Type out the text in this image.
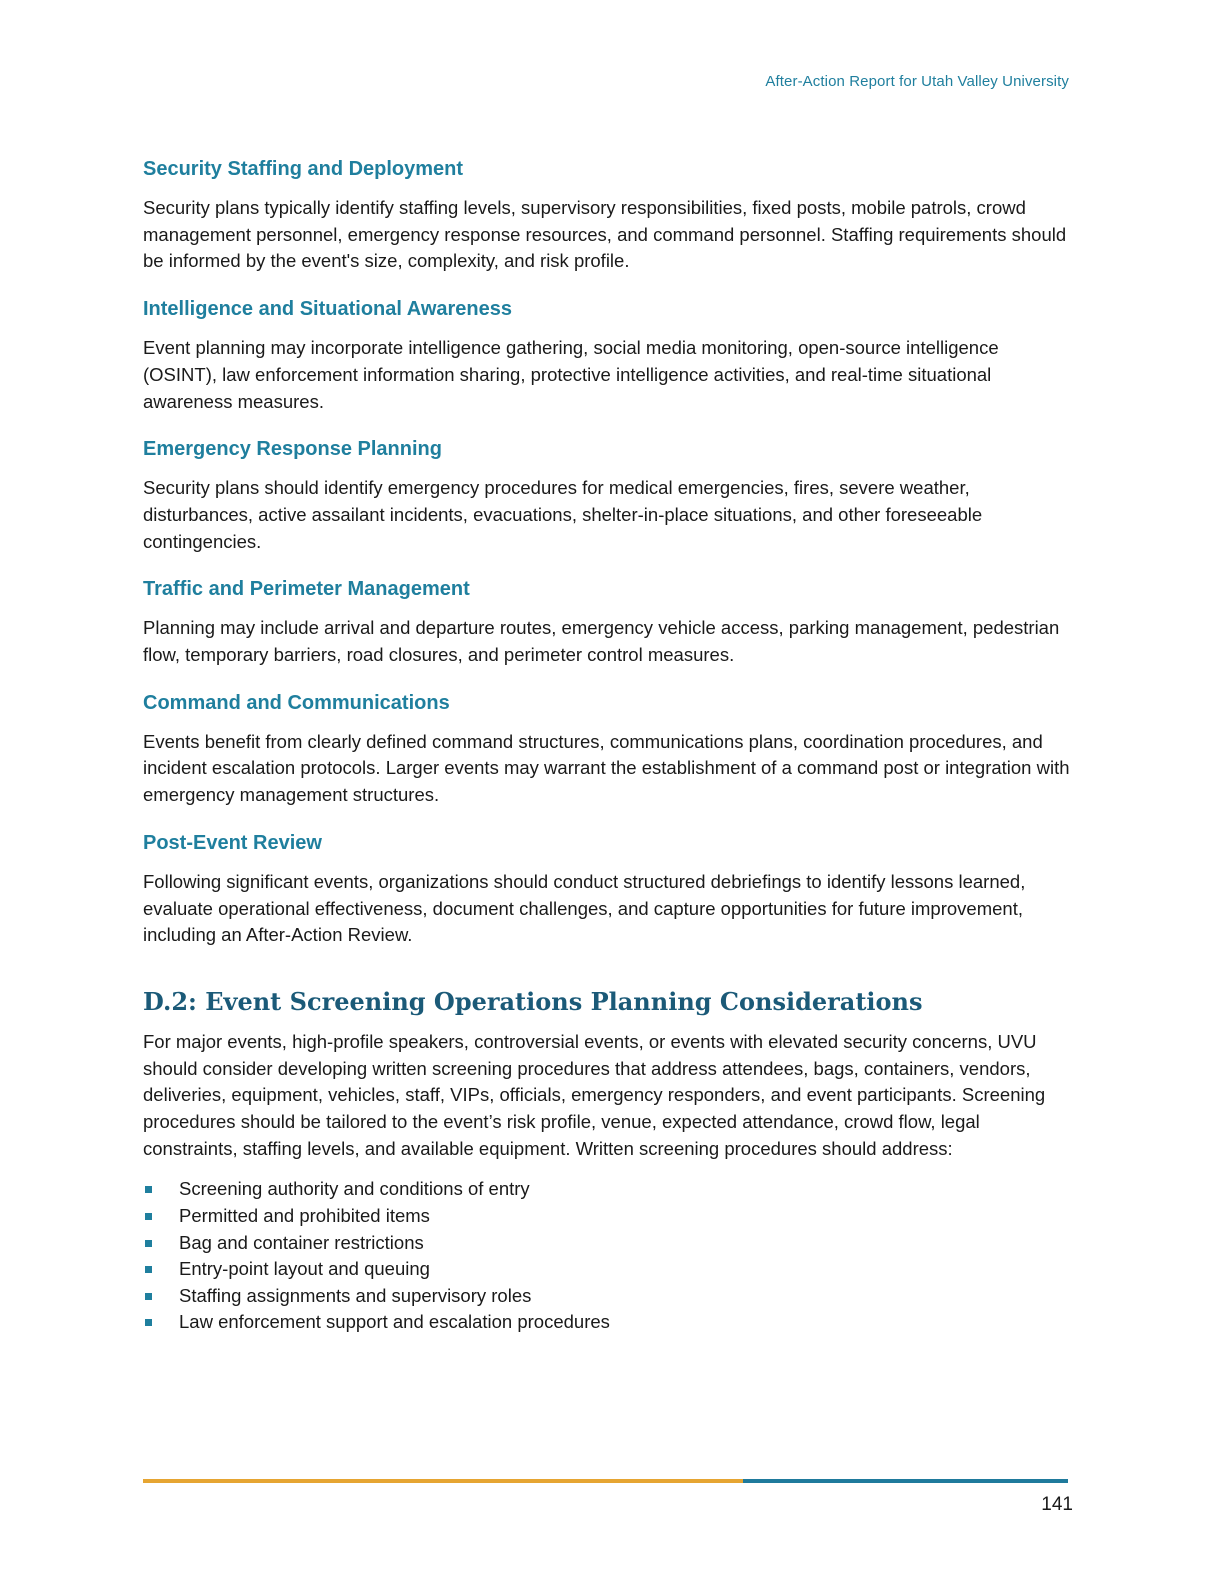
After-Action Report for Utah Valley University
Security Staffing and Deployment

Security plans typically identify staffing levels, supervisory responsibilities, fixed posts, mobile patrols, crowd management personnel, emergency response resources, and command personnel. Staffing requirements should be informed by the event's size, complexity, and risk profile.

Intelligence and Situational Awareness

Event planning may incorporate intelligence gathering, social media monitoring, open-source intelligence (OSINT), law enforcement information sharing, protective intelligence activities, and real-time situational awareness measures.

Emergency Response Planning

Security plans should identify emergency procedures for medical emergencies, fires, severe weather, disturbances, active assailant incidents, evacuations, shelter-in-place situations, and other foreseeable contingencies.

Traffic and Perimeter Management

Planning may include arrival and departure routes, emergency vehicle access, parking management, pedestrian flow, temporary barriers, road closures, and perimeter control measures.

Command and Communications

Events benefit from clearly defined command structures, communications plans, coordination procedures, and incident escalation protocols. Larger events may warrant the establishment of a command post or integration with emergency management structures.

Post-Event Review

Following significant events, organizations should conduct structured debriefings to identify lessons learned, evaluate operational effectiveness, document challenges, and capture opportunities for future improvement, including an After-Action Review.

D.2: Event Screening Operations Planning Considerations

For major events, high-profile speakers, controversial events, or events with elevated security concerns, UVU should consider developing written screening procedures that address attendees, bags, containers, vendors, deliveries, equipment, vehicles, staff, VIPs, officials, emergency responders, and event participants. Screening procedures should be tailored to the event’s risk profile, venue, expected attendance, crowd flow, legal constraints, staffing levels, and available equipment. Written screening procedures should address:

Screening authority and conditions of entry
Permitted and prohibited items
Bag and container restrictions
Entry-point layout and queuing
Staffing assignments and supervisory roles
Law enforcement support and escalation procedures
141
